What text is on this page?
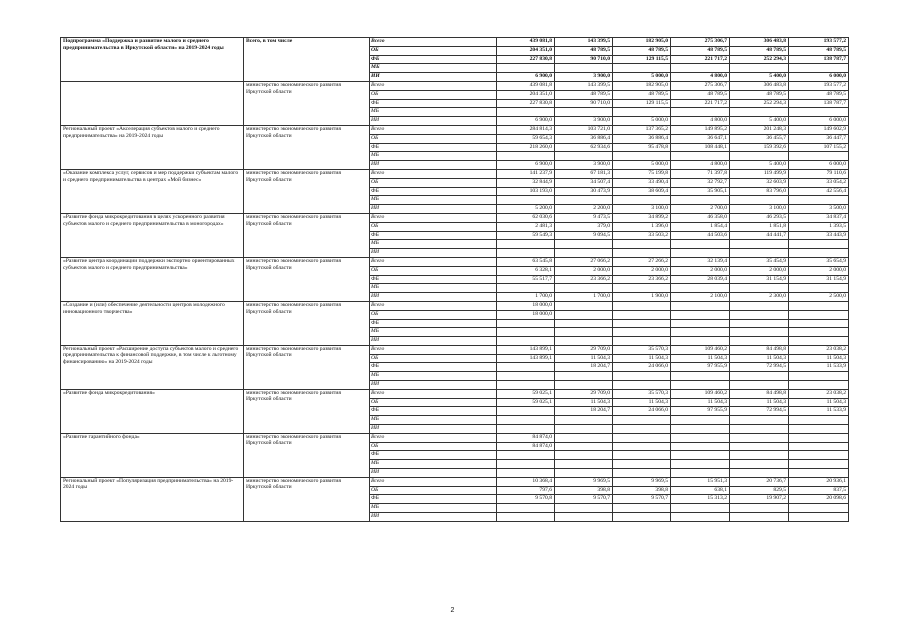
Подпрограмма «Поддержка и развитие малого и среднего предпринимательства в Иркутской области» на 2019-2024 годы	Всего, в том числе	Всего	439 081,8	143 399,5	182 905,0	275 306,7	306 483,8	193 577,2
		ОБ	204 351,0	48 789,5	48 789,5	48 789,5	48 789,5	48 789,5
		ФБ	227 830,8	90 710,0	129 115,5	221 717,2	252 294,3	138 787,7
		МБ						
		ИИ	6 900,0	3 900,0	5 000,0	4 800,0	5 400,0	6 000,0
	министерство экономического развития Иркутской области	Всего	439 081,8	143 399,5	182 905,0	275 306,7	306 483,8	193 577,2
		ОБ	204 351,0	48 789,5	48 789,5	48 789,5	48 789,5	48 789,5
		ФБ	227 830,8	90 710,0	129 115,5	221 717,2	252 294,3	138 787,7
		МБ						
		ИИ	6 900,0	3 900,0	5 000,0	4 800,0	5 400,0	6 000,0
Региональный проект «Акселерация субъектов малого и среднего предпринимательства» на 2019-2024 годы	министерство экономического развития Иркутской области	Всего	284 814,3	103 721,0	137 365,2	149 895,2	201 248,3	149 602,9
		ОБ	59 654,3	36 886,4	36 886,4	36 647,1	36 455,7	36 447,7
		ФБ	218 260,0	62 934,6	95 478,8	108 448,1	159 392,6	107 155,2
		МБ						
		ИИ	6 900,0	3 900,0	5 000,0	4 800,0	5 400,0	6 000,0
«Оказание комплекса услуг, сервисов и мер поддержки субъектам малого и среднего предпринимательства в центрах «Мой бизнес»	министерство экономического развития Иркутской области	Всего	141 237,9	67 181,3	75 199,8	71 397,8	119 499,9	79 110,6
		ОБ	32 844,9	34 507,4	33 490,4	32 792,7	32 603,9	33 054,2
		ФБ	103 193,0	30 473,9	38 609,4	35 905,1	83 796,0	42 556,4
		МБ						
		ИИ	5 200,0	2 200,0	3 100,0	2 700,0	3 100,0	3 500,0
«Развитие фонда микрокредитования в целях ускоренного развития субъектов малого и среднего предпринимательства в моногородах»	министерство экономического развития Иркутской области	Всего	62 030,6	9 473,5	34 899,2	46 358,0	46 293,5	34 837,4
		ОБ	2 481,3	379,0	1 396,0	1 854,4	1 851,8	1 393,5
		ФБ	59 549,3	9 094,5	33 503,2	44 503,6	44 441,7	33 443,9
		МБ						
		ИИ						
«Развитие центра координации поддержки экспортно ориентированных субъектов малого и среднего предпринимательства»	министерство экономического развития Иркутской области	Всего	63 545,8	27 066,2	27 266,2	32 139,4	35 454,9	35 654,9
		ОБ	6 328,1	2 000,0	2 000,0	2 000,0	2 000,0	2 000,0
		ФБ	55 517,7	23 366,2	23 366,2	28 039,4	31 154,9	31 154,9
		МБ						
		ИИ	1 700,0	1 700,0	1 900,0	2 100,0	2 300,0	2 500,0
«Создание и (или) обеспечение деятельности центров молодежного инновационного творчества»	министерство экономического развития Иркутской области	Всего	18 000,0					
		ОБ	18 000,0					
		ФБ						
		МБ						
		ИИ						
Региональный проект «Расширение доступа субъектов малого и среднего предпринимательства к финансовой поддержке, в том числе к льготному финансированию» на 2019-2024 годы	министерство экономического развития Иркутской области	Всего	143 899,1	29 709,0	35 570,3	109 460,2	84 498,8	23 038,2
		ОБ	143 899,1	11 504,3	11 504,3	11 504,3	11 504,3	11 504,3
		ФБ		18 204,7	24 066,0	97 955,9	72 994,5	11 533,9
		МБ						
		ИИ						
«Развитие фонда микрокредитования»	министерство экономического развития Иркутской области	Всего	59 025,1	29 709,0	35 570,3	109 460,2	84 498,8	23 038,2
		ОБ	59 025,1	11 504,3	11 504,3	11 504,3	11 504,3	11 504,3
		ФБ		18 204,7	24 066,0	97 955,9	72 994,5	11 533,9
		МБ						
		ИИ						
«Развитие гарантийного фонда»	министерство экономического развития Иркутской области	Всего	84 874,0					
		ОБ	84 874,0					
		ФБ						
		МБ						
		ИИ						
Региональный проект «Популяризация предпринимательства» на 2019-2024 годы	министерство экономического развития Иркутской области	Всего	10 368,4	9 969,5	9 969,5	15 951,3	20 736,7	20 936,1
		ОБ	797,6	398,8	398,8	638,1	829,5	837,5
		ФБ	9 570,8	9 570,7	9 570,7	15 313,2	19 907,2	20 098,6
		МБ						
		ИИ						
2
